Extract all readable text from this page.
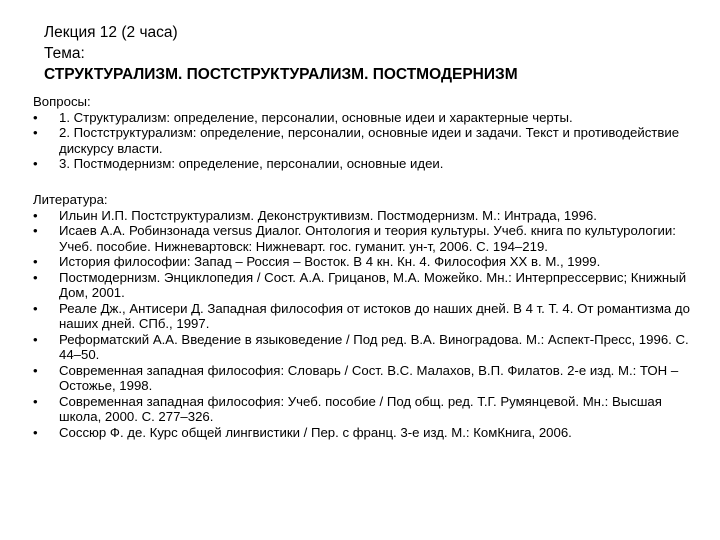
Лекция 12 (2 часа)
Тема:
СТРУКТУРАЛИЗМ. ПОСТСТРУКТУРАЛИЗМ. ПОСТМОДЕРНИЗМ
Вопросы:
•	1. Структурализм: определение, персоналии, основные идеи и характерные черты.
•	2. Постструктурализм: определение, персоналии, основные идеи и задачи. Текст и противодействие дискурсу власти.
•	3. Постмодернизм: определение, персоналии, основные идеи.
Литература:
•	Ильин И.П. Постструктурализм. Деконструктивизм. Постмодернизм. М.: Интрада, 1996.
•	Исаев А.А. Робинзонада versus Диалог. Онтология и теория культуры. Учеб. книга по культурологии: Учеб. пособие. Нижневартовск: Нижневарт. гос. гуманит. ун-т, 2006. С. 194–219.
•	История философии: Запад – Россия – Восток. В 4 кн. Кн. 4. Философия XX в. М., 1999.
•	Постмодернизм. Энциклопедия / Сост. А.А. Грицанов, М.А. Можейко. Мн.: Интерпрессервис; Книжный Дом, 2001.
•	Реале Дж., Антисери Д. Западная философия от истоков до наших дней. В 4 т. Т. 4. От романтизма до наших дней. СПб., 1997.
•	Реформатский А.А. Введение в языковедение / Под ред. В.А. Виноградова. М.: Аспект-Пресс, 1996. С. 44–50.
•	Современная западная философия: Словарь / Сост. В.С. Малахов, В.П. Филатов. 2-е изд. М.: ТОН – Остожье, 1998.
•	Современная западная философия: Учеб. пособие / Под общ. ред. Т.Г. Румянцевой. Мн.: Высшая школа, 2000. С. 277–326.
•	Соссюр Ф. де. Курс общей лингвистики / Пер. с франц. 3-е изд. М.: КомКнига, 2006.
